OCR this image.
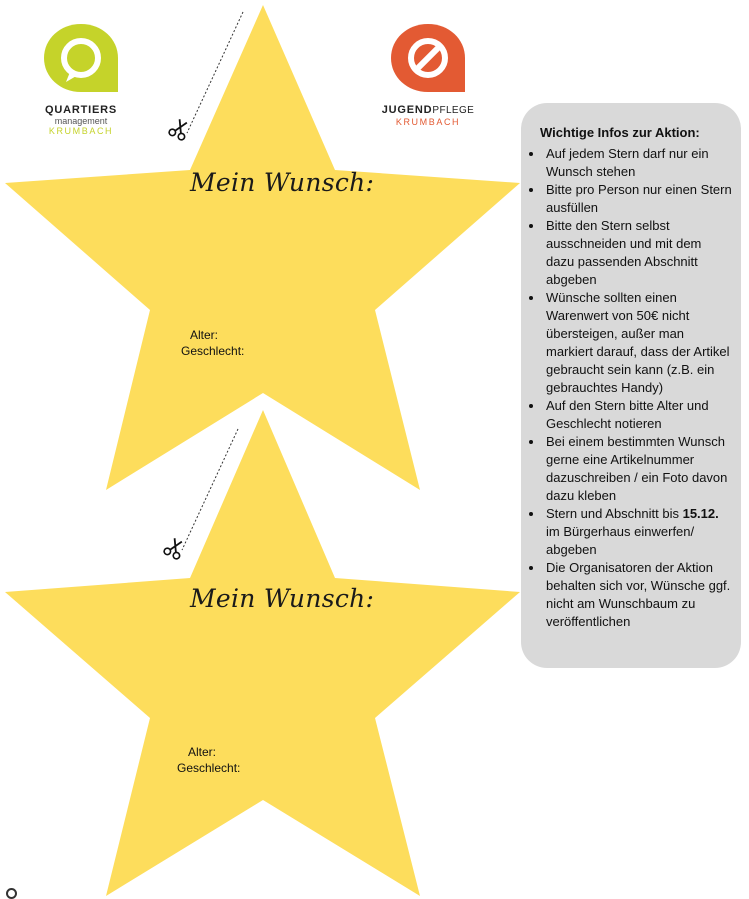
Mein Wunsch:
Alter:
Geschlecht:
Mein Wunsch:
Alter:
Geschlecht:
QUARTIERS
management
KRUMBACH
JUGENDPFLEGE
KRUMBACH
Wichtige Infos zur Aktion:
• Auf jedem Stern darf nur ein Wunsch stehen
• Bitte pro Person nur einen Stern ausfüllen
• Bitte den Stern selbst ausschneiden und mit dem dazu passenden Abschnitt abgeben
• Wünsche sollten einen Warenwert von 50€ nicht übersteigen, außer man markiert darauf, dass der Artikel gebraucht sein kann (z.B. ein gebrauchtes Handy)
• Auf den Stern bitte Alter und Geschlecht notieren
• Bei einem bestimmten Wunsch gerne eine Artikelnummer dazuschreiben / ein Foto davon dazu kleben
• Stern und Abschnitt bis 15.12. im Bürgerhaus einwerfen/ abgeben
• Die Organisatoren der Aktion behalten sich vor, Wünsche ggf. nicht am Wunschbaum zu veröffentlichen
